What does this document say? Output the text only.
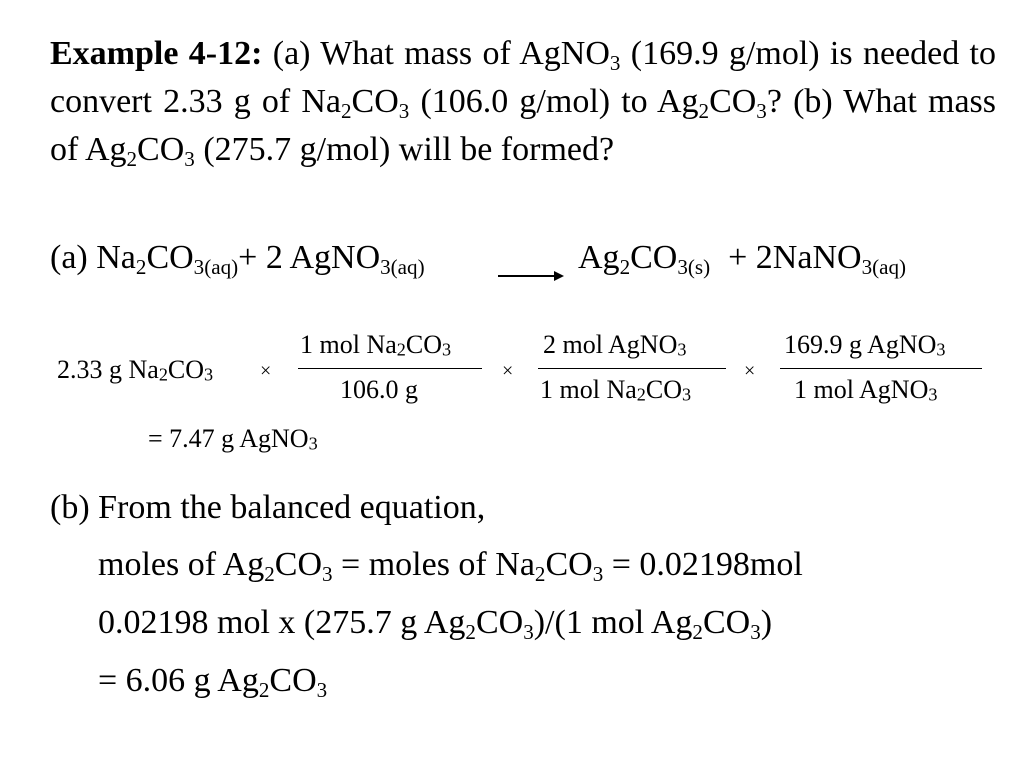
Example 4-12: (a) What mass of AgNO$_3$ (169.9 g/mol) is needed to convert 2.33 g of $Na_2CO_3$ (106.0 g/mol) to $Ag_2CO_3$? (b) What mass of $Ag_2CO_3$ (275.7 g/mol) will be formed?
(a) $Na_2CO_{3(aq)}+ 2$ AgNO$_{3(aq)}$	$Ag_2CO_{3(s)}$ + 2NaNO$_{3(aq)}$
2.33 g $Na_2CO_3$ ×
1 mol $Na_2CO_3$
106.0 g
×
2 mol AgNO$_3$
1 mol $Na_2CO_3$
×
169.9 g AgNO$_3$
1 mol AgNO$_3$
= 7.47 g AgNO$_3$
(b) From the balanced equation,
moles of $Ag_2CO_3$ = moles of $Na_2CO_3 = 0.02198mol$
0.02198 mol x (275.7 g $Ag_2CO_3)/(1$ mol $Ag_2CO_3$)
= 6.06 g $Ag_2CO_3$
